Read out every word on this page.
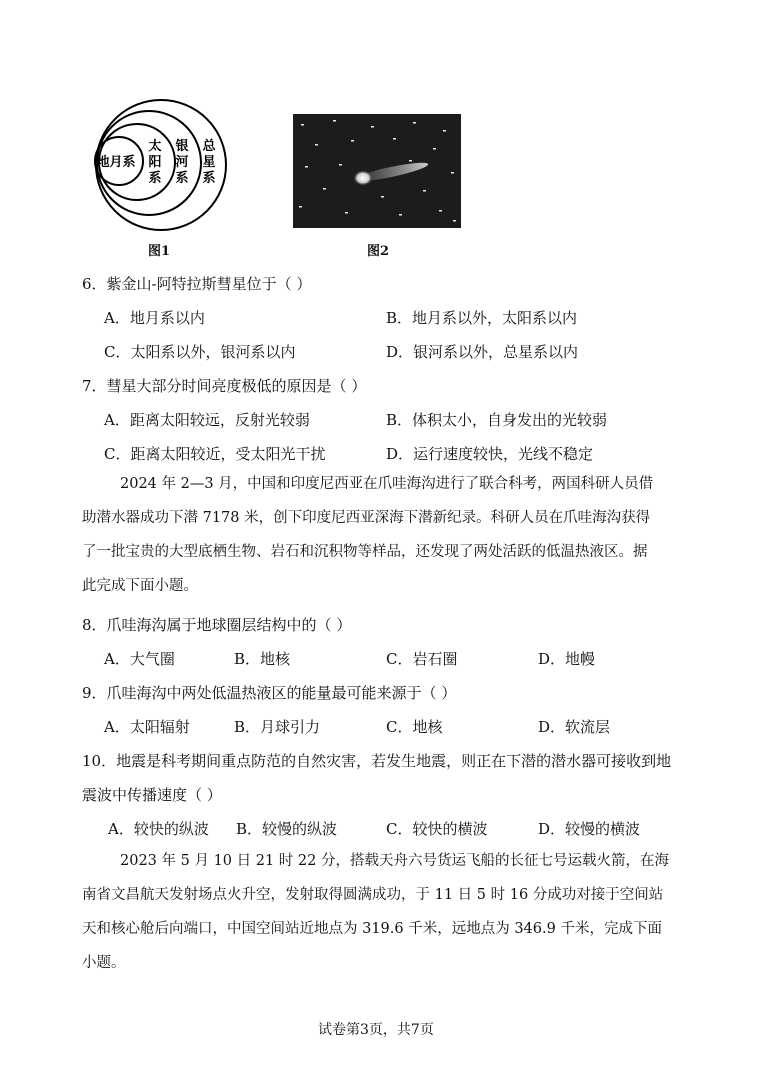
地月系
太
阳
系
银
河
系
总
星
系
图1	图2
6．紫金山-阿特拉斯彗星位于（ ）
A．地月系以内	B．地月系以外，太阳系以内
C．太阳系以外，银河系以内	D．银河系以外，总星系以内
7．彗星大部分时间亮度极低的原因是（ ）
A．距离太阳较远，反射光较弱	B．体积太小，自身发出的光较弱
C．距离太阳较近，受太阳光干扰	D．运行速度较快，光线不稳定
2024 年 2—3 月，中国和印度尼西亚在爪哇海沟进行了联合科考，两国科研人员借
助潜水器成功下潜 7178 米，创下印度尼西亚深海下潜新纪录。科研人员在爪哇海沟获得
了一批宝贵的大型底栖生物、岩石和沉积物等样品，还发现了两处活跃的低温热液区。据
此完成下面小题。
8．爪哇海沟属于地球圈层结构中的（ ）
A．大气圈	B．地核	C．岩石圈	D．地幔
9．爪哇海沟中两处低温热液区的能量最可能来源于（ ）
A．太阳辐射	B．月球引力	C．地核	D．软流层
10．地震是科考期间重点防范的自然灾害，若发生地震，则正在下潜的潜水器可接收到地
震波中传播速度（ ）
A．较快的纵波 B．较慢的纵波	C．较快的横波	D．较慢的横波
2023 年 5 月 10 日 21 时 22 分，搭载天舟六号货运飞船的长征七号运载火箭，在海
南省文昌航天发射场点火升空，发射取得圆满成功，于 11 日 5 时 16 分成功对接于空间站
天和核心舱后向端口，中国空间站近地点为 319.6 千米，远地点为 346.9 千米，完成下面
小题。
试卷第3页，共7页
